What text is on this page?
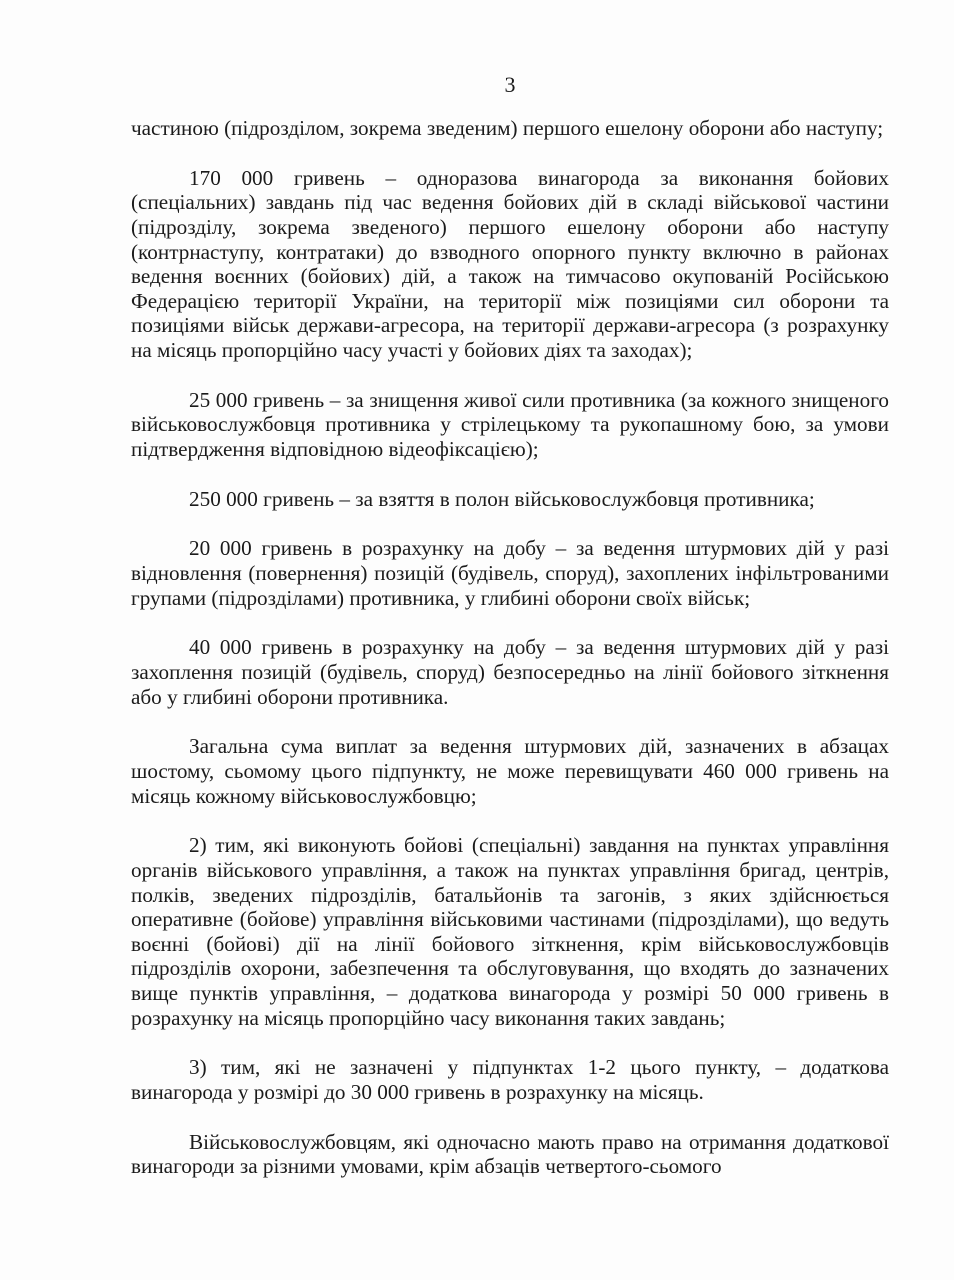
3

частиною (підрозділом, зокрема зведеним) першого ешелону оборони або наступу;

170 000 гривень – одноразова винагорода за виконання бойових (спеціальних) завдань під час ведення бойових дій в складі військової частини (підрозділу, зокрема зведеного) першого ешелону оборони або наступу (контрнаступу, контратаки) до взводного опорного пункту включно в районах ведення воєнних (бойових) дій, а також на тимчасово окупованій Російською Федерацією території України, на території між позиціями сил оборони та позиціями військ держави-агресора, на території держави-агресора (з розрахунку на місяць пропорційно часу участі у бойових діях та заходах);

25 000 гривень – за знищення живої сили противника (за кожного знищеного військовослужбовця противника у стрілецькому та рукопашному бою, за умови підтвердження відповідною відеофіксацією);

250 000 гривень – за взяття в полон військовослужбовця противника;

20 000 гривень в розрахунку на добу – за ведення штурмових дій у разі відновлення (повернення) позицій (будівель, споруд), захоплених інфільтрованими групами (підрозділами) противника, у глибині оборони своїх військ;

40 000 гривень в розрахунку на добу – за ведення штурмових дій у разі захоплення позицій (будівель, споруд) безпосередньо на лінії бойового зіткнення або у глибині оборони противника.

Загальна сума виплат за ведення штурмових дій, зазначених в абзацах шостому, сьомому цього підпункту, не може перевищувати 460 000 гривень на місяць кожному військовослужбовцю;

2) тим, які виконують бойові (спеціальні) завдання на пунктах управління органів військового управління, а також на пунктах управління бригад, центрів, полків, зведених підрозділів, батальйонів та загонів, з яких здійснюється оперативне (бойове) управління військовими частинами (підрозділами), що ведуть воєнні (бойові) дії на лінії бойового зіткнення, крім військовослужбовців підрозділів охорони, забезпечення та обслуговування, що входять до зазначених вище пунктів управління, – додаткова винагорода у розмірі 50 000 гривень в розрахунку на місяць пропорційно часу виконання таких завдань;

3) тим, які не зазначені у підпунктах 1-2 цього пункту, – додаткова винагорода у розмірі до 30 000 гривень в розрахунку на місяць.

Військовослужбовцям, які одночасно мають право на отримання додаткової винагороди за різними умовами, крім абзаців четвертого-сьомого
